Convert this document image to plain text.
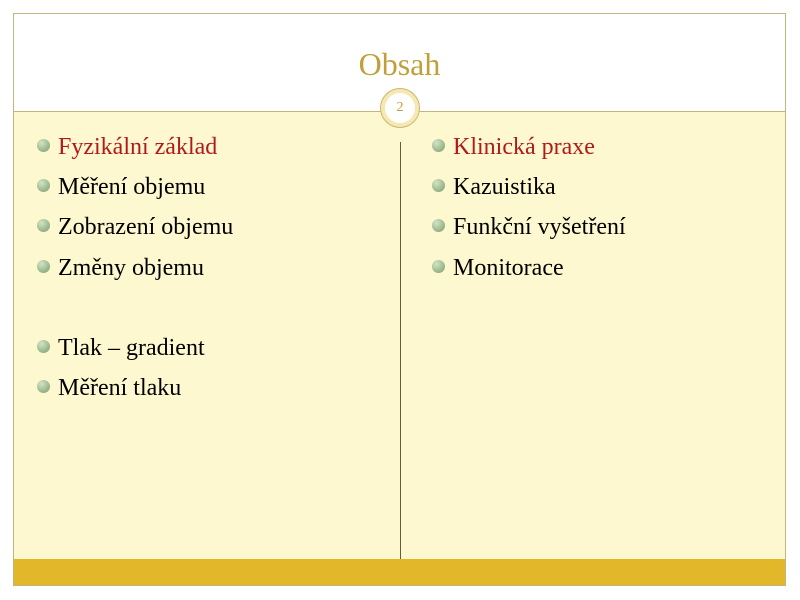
Obsah
2
Fyzikální základ
Měření objemu
Zobrazení objemu
Změny objemu
Tlak – gradient
Měření tlaku
Klinická praxe
Kazuistika
Funkční vyšetření
Monitorace
